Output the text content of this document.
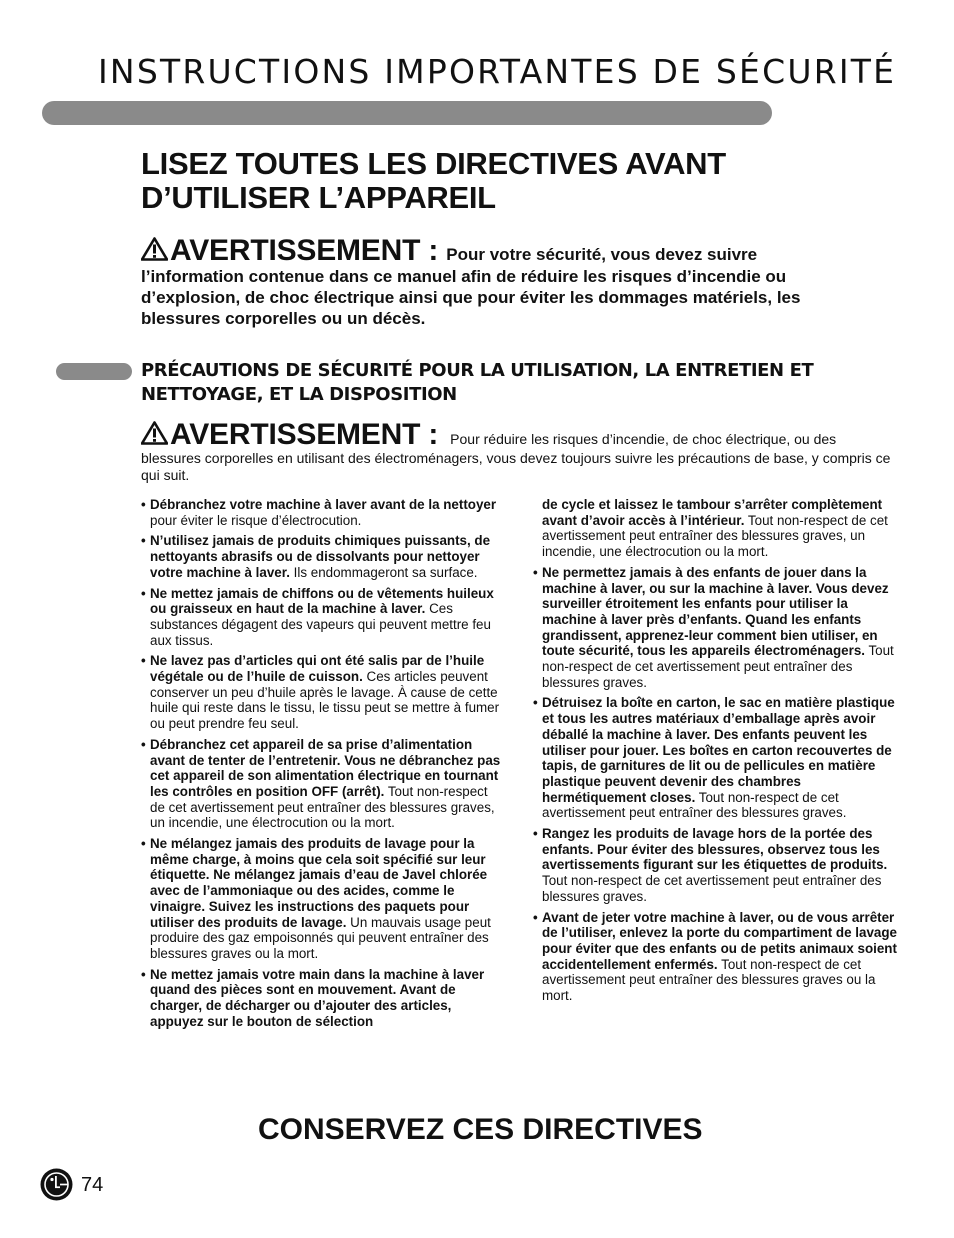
INSTRUCTIONS IMPORTANTES DE SÉCURITÉ
LISEZ TOUTES LES DIRECTIVES AVANT
D’UTILISER L’APPAREIL
AVERTISSEMENT : Pour votre sécurité, vous devez suivre l’information contenue dans ce manuel afin de réduire les risques d’incendie ou d’explosion, de choc électrique ainsi que pour éviter les dommages matériels, les blessures corporelles ou un décès.
PRÉCAUTIONS DE SÉCURITÉ POUR LA UTILISATION, LA ENTRETIEN ET NETTOYAGE, ET LA DISPOSITION
AVERTISSEMENT : Pour réduire les risques d’incendie, de choc électrique, ou des blessures corporelles en utilisant des électroménagers, vous devez toujours suivre les précautions de base, y compris ce qui suit.
• Débranchez votre machine à laver avant de la nettoyer pour éviter le risque d’électrocution.
• N’utilisez jamais de produits chimiques puissants, de nettoyants abrasifs ou de dissolvants pour nettoyer votre machine à laver. Ils endommageront sa surface.
• Ne mettez jamais de chiffons ou de vêtements huileux ou graisseux en haut de la machine à laver. Ces substances dégagent des vapeurs qui peuvent mettre feu aux tissus.
• Ne lavez pas d’articles qui ont été salis par de l’huile végétale ou de l’huile de cuisson. Ces articles peuvent conserver un peu d’huile après le lavage. À cause de cette huile qui reste dans le tissu, le tissu peut se mettre à fumer ou peut prendre feu seul.
• Débranchez cet appareil de sa prise d’alimentation avant de tenter de l’entretenir. Vous ne débranchez pas cet appareil de son alimentation électrique en tournant les contrôles en position OFF (arrêt). Tout non-respect de cet avertissement peut entraîner des blessures graves, un incendie, une électrocution ou la mort.
• Ne mélangez jamais des produits de lavage pour la même charge, à moins que cela soit spécifié sur leur étiquette. Ne mélangez jamais d’eau de Javel chlorée avec de l’ammoniaque ou des acides, comme le vinaigre. Suivez les instructions des paquets pour utiliser des produits de lavage. Un mauvais usage peut produire des gaz empoisonnés qui peuvent entraîner des blessures graves ou la mort.
• Ne mettez jamais votre main dans la machine à laver quand des pièces sont en mouvement. Avant de charger, de décharger ou d’ajouter des articles, appuyez sur le bouton de sélection
de cycle et laissez le tambour s’arrêter complètement avant d’avoir accès à l’intérieur. Tout non-respect de cet avertissement peut entraîner des blessures graves, un incendie, une électrocution ou la mort.
• Ne permettez jamais à des enfants de jouer dans la machine à laver, ou sur la machine à laver. Vous devez surveiller étroitement les enfants pour utiliser la machine à laver près d’enfants. Quand les enfants grandissent, apprenez-leur comment bien utiliser, en toute sécurité, tous les appareils électroménagers. Tout non-respect de cet avertissement peut entraîner des blessures graves.
• Détruisez la boîte en carton, le sac en matière plastique et tous les autres matériaux d’emballage après avoir déballé la machine à laver. Des enfants peuvent les utiliser pour jouer. Les boîtes en carton recouvertes de tapis, de garnitures de lit ou de pellicules en matière plastique peuvent devenir des chambres hermétiquement closes. Tout non-respect de cet avertissement peut entraîner des blessures graves.
• Rangez les produits de lavage hors de la portée des enfants. Pour éviter des blessures, observez tous les avertissements figurant sur les étiquettes de produits. Tout non-respect de cet avertissement peut entraîner des blessures graves.
• Avant de jeter votre machine à laver, ou de vous arrêter de l’utiliser, enlevez la porte du compartiment de lavage pour éviter que des enfants ou de petits animaux soient accidentellement enfermés. Tout non-respect de cet avertissement peut entraîner des blessures graves ou la mort.
CONSERVEZ CES DIRECTIVES
74
